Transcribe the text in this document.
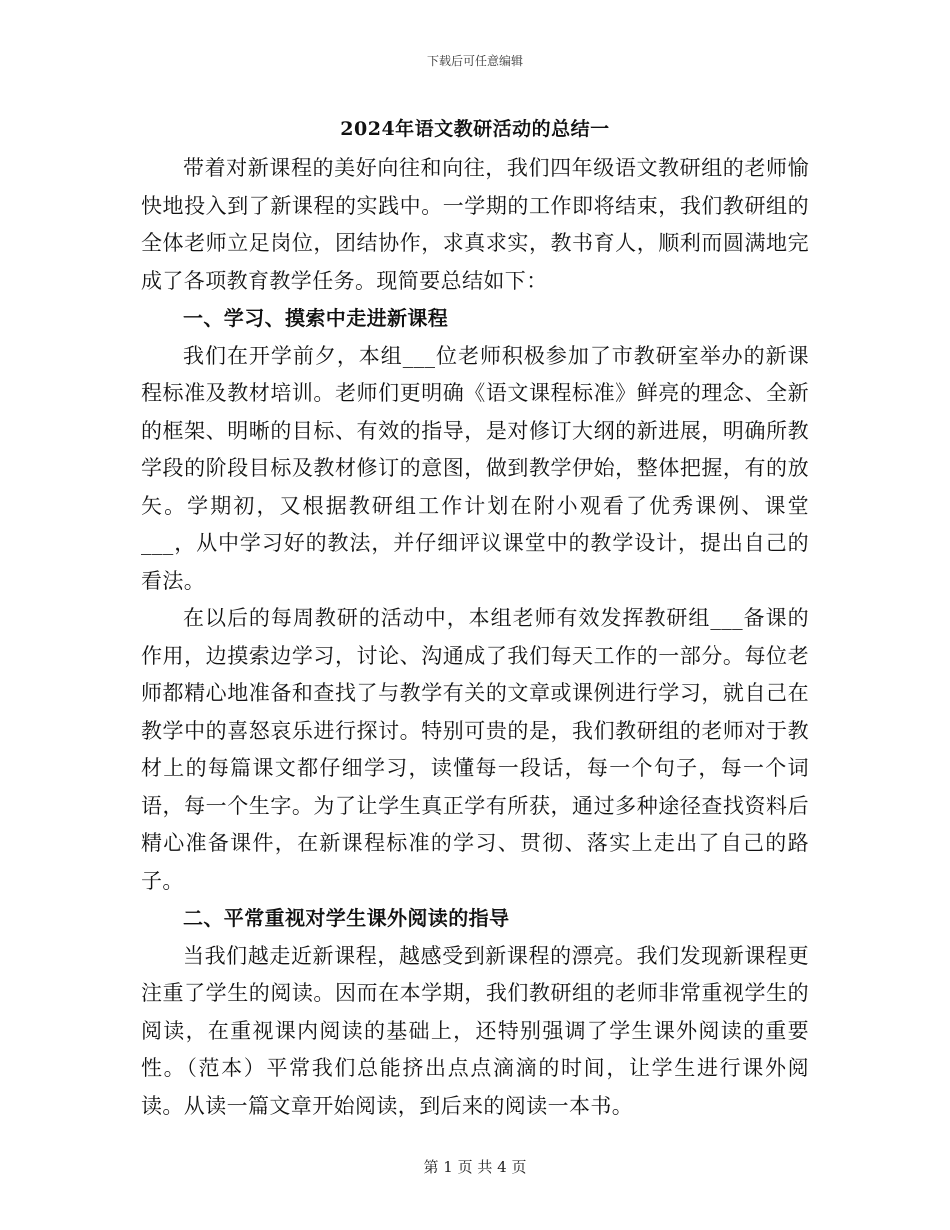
下载后可任意编辑
2024年语文教研活动的总结一

带着对新课程的美好向往和向往，我们四年级语文教研组的老师愉快地投入到了新课程的实践中。一学期的工作即将结束，我们教研组的全体老师立足岗位，团结协作，求真求实，教书育人，顺利而圆满地完成了各项教育教学任务。现简要总结如下：

一、学习、摸索中走进新课程

我们在开学前夕，本组___位老师积极参加了市教研室举办的新课程标准及教材培训。老师们更明确《语文课程标准》鲜亮的理念、全新的框架、明晰的目标、有效的指导，是对修订大纲的新进展，明确所教学段的阶段目标及教材修订的意图，做到教学伊始，整体把握，有的放矢。学期初，又根据教研组工作计划在附小观看了优秀课例、课堂___，从中学习好的教法，并仔细评议课堂中的教学设计，提出自己的看法。

在以后的每周教研的活动中，本组老师有效发挥教研组___备课的作用，边摸索边学习，讨论、沟通成了我们每天工作的一部分。每位老师都精心地准备和查找了与教学有关的文章或课例进行学习，就自己在教学中的喜怒哀乐进行探讨。特别可贵的是，我们教研组的老师对于教材上的每篇课文都仔细学习，读懂每一段话，每一个句子，每一个词语，每一个生字。为了让学生真正学有所获，通过多种途径查找资料后精心准备课件，在新课程标准的学习、贯彻、落实上走出了自己的路子。

二、平常重视对学生课外阅读的指导

当我们越走近新课程，越感受到新课程的漂亮。我们发现新课程更注重了学生的阅读。因而在本学期，我们教研组的老师非常重视学生的阅读，在重视课内阅读的基础上，还特别强调了学生课外阅读的重要性。（范本）平常我们总能挤出点点滴滴的时间，让学生进行课外阅读。从读一篇文章开始阅读，到后来的阅读一本书。

第 1 页 共 4 页
